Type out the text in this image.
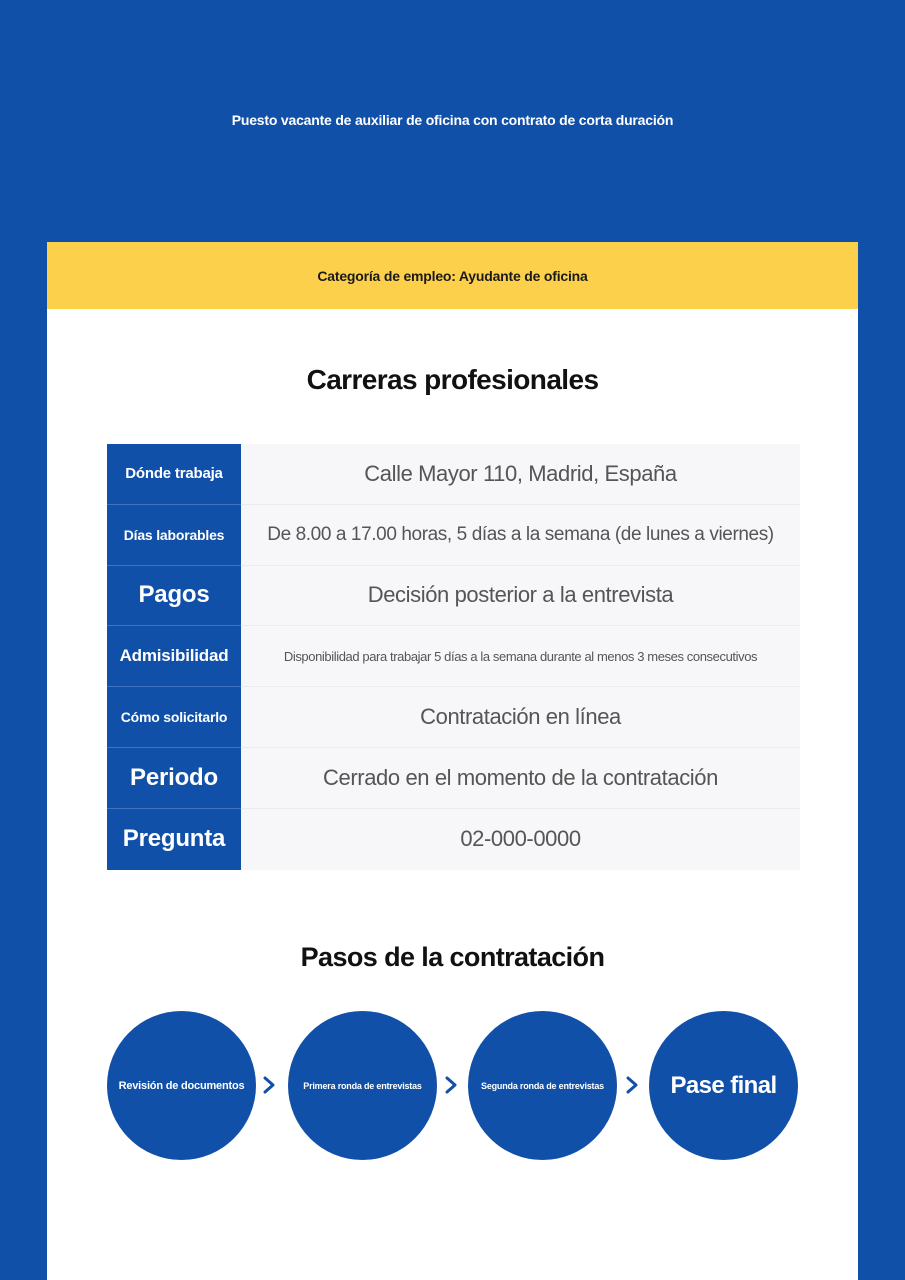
Puesto vacante de auxiliar de oficina con contrato de corta duración
Categoría de empleo: Ayudante de oficina
Carreras profesionales
Dónde trabaja	Calle Mayor 110, Madrid, España
Días laborables	De 8.00 a 17.00 horas, 5 días a la semana (de lunes a viernes)
Pagos	Decisión posterior a la entrevista
Admisibilidad	Disponibilidad para trabajar 5 días a la semana durante al menos 3 meses consecutivos
Cómo solicitarlo	Contratación en línea
Periodo	Cerrado en el momento de la contratación
Pregunta	02-000-0000
Pasos de la contratación
Revisión de documentos	Primera ronda de entrevistas	Segunda ronda de entrevistas	Pase final
